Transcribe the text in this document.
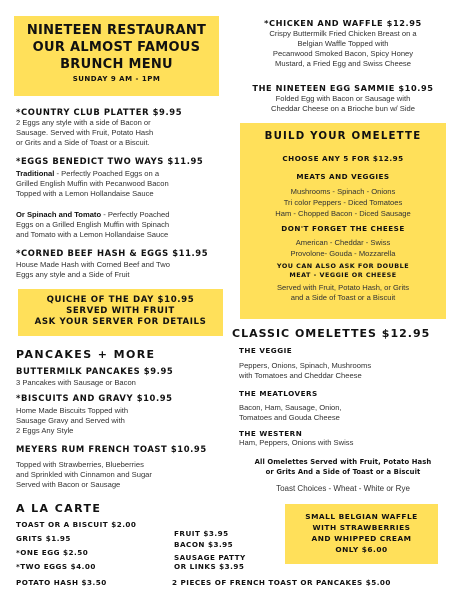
NINETEEN RESTAURANT
OUR ALMOST FAMOUS
BRUNCH MENU
SUNDAY 9 AM - 1PM
*COUNTRY CLUB PLATTER $9.95
2 Eggs any style with a side of Bacon or
Sausage. Served with Fruit, Potato Hash
or Grits and a Side of Toast or a Biscuit.
*EGGS BENEDICT TWO WAYS $11.95
Traditional - Perfectly Poached Eggs on a
Grilled English Muffin with Pecanwood Bacon
Topped with a Lemon Hollandaise Sauce
Or Spinach and Tomato - Perfectly Poached
Eggs on a Grilled English Muffin with Spinach
and Tomato with a Lemon Hollandaise Sauce
*CORNED BEEF HASH & EGGS $11.95
House Made Hash with Corned Beef and Two
Eggs any style and a Side of Fruit
QUICHE OF THE DAY $10.95
SERVED WITH FRUIT
ASK YOUR SERVER FOR DETAILS
PANCAKES + MORE
BUTTERMILK PANCAKES $9.95
3 Pancakes with Sausage or Bacon
*BISCUITS AND GRAVY $10.95
Home Made Biscuits Topped with
Sausage Gravy and Served with
2 Eggs Any Style
MEYERS RUM FRENCH TOAST $10.95
Topped with Strawberries, Blueberries
and Sprinkled with Cinnamon and Sugar
Served with Bacon or Sausage
A LA CARTE
TOAST OR A BISCUIT $2.00
GRITS $1.95
*ONE EGG $2.50
*TWO EGGS $4.00
POTATO HASH $3.50
FRUIT $3.95
BACON $3.95
SAUSAGE PATTY
OR LINKS $3.95
2 PIECES OF FRENCH TOAST OR PANCAKES $5.00
*CHICKEN AND WAFFLE $12.95
Crispy Buttermilk Fried Chicken Breast on a
Belgian Waffle Topped with
Pecanwood Smoked Bacon, Spicy Honey
Mustard, a Fried Egg and Swiss Cheese
THE NINETEEN EGG SAMMIE $10.95
Folded Egg with Bacon or Sausage with
Cheddar Cheese on a Brioche bun w/ Side
BUILD YOUR OMELETTE
CHOOSE ANY 5 FOR $12.95
MEATS AND VEGGIES
Mushrooms - Spinach - Onions
Tri color Peppers - Diced Tomatoes
Ham - Chopped Bacon - Diced Sausage
DON'T FORGET THE CHEESE
American - Cheddar - Swiss
Provolone- Gouda - Mozzarella
YOU CAN ALSO ASK FOR DOUBLE
MEAT - VEGGIE OR CHEESE
Served with Fruit, Potato Hash, or Grits
and a Side of Toast or a Biscuit
CLASSIC OMELETTES $12.95
THE VEGGIE
Peppers, Onions, Spinach, Mushrooms
with Tomatoes and Cheddar Cheese
THE MEATLOVERS
Bacon, Ham, Sausage, Onion,
Tomatoes and Gouda Cheese
THE WESTERN
Ham, Peppers, Onions with Swiss
All Omelettes Served with Fruit, Potato Hash
or Grits And a Side of Toast or a Biscuit
Toast Choices - Wheat - White or Rye
SMALL BELGIAN WAFFLE
WITH STRAWBERRIES
AND WHIPPED CREAM
ONLY $6.00
